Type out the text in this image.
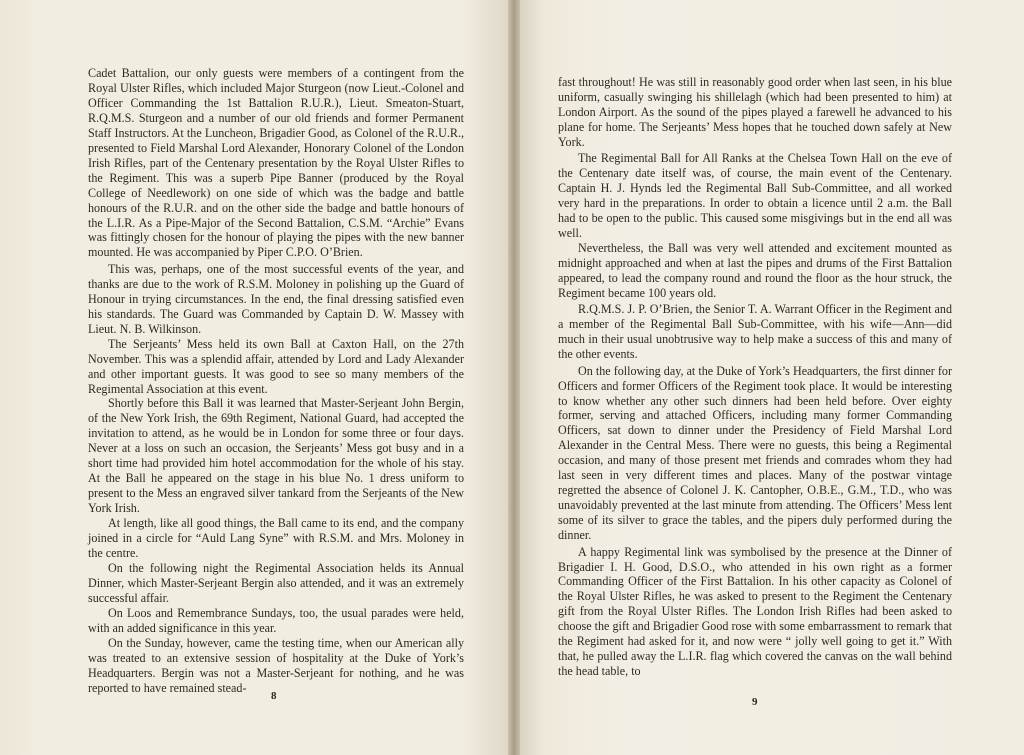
Cadet Battalion, our only guests were members of a contingent from the Royal Ulster Rifles, which included Major Sturgeon (now Lieut.-Colonel and Officer Commanding the 1st Battalion R.U.R.), Lieut. Smeaton-Stuart, R.Q.M.S. Sturgeon and a number of our old friends and former Permanent Staff Instructors. At the Luncheon, Brigadier Good, as Colonel of the R.U.R., presented to Field Marshal Lord Alexander, Honorary Colonel of the London Irish Rifles, part of the Centenary presentation by the Royal Ulster Rifles to the Regiment. This was a superb Pipe Banner (produced by the Royal College of Needlework) on one side of which was the badge and battle honours of the R.U.R. and on the other side the badge and battle honours of the L.I.R. As a Pipe-Major of the Second Battalion, C.S.M. “Archie” Evans was fittingly chosen for the honour of playing the pipes with the new banner mounted. He was accompanied by Piper C.P.O. O’Brien.

This was, perhaps, one of the most successful events of the year, and thanks are due to the work of R.S.M. Moloney in polishing up the Guard of Honour in trying circumstances. In the end, the final dressing satisfied even his standards. The Guard was Commanded by Captain D. W. Massey with Lieut. N. B. Wilkinson.

The Serjeants’ Mess held its own Ball at Caxton Hall, on the 27th November. This was a splendid affair, attended by Lord and Lady Alexander and other important guests. It was good to see so many members of the Regimental Association at this event.

Shortly before this Ball it was learned that Master-Serjeant John Bergin, of the New York Irish, the 69th Regiment, National Guard, had accepted the invitation to attend, as he would be in London for some three or four days. Never at a loss on such an occasion, the Serjeants’ Mess got busy and in a short time had provided him hotel accommodation for the whole of his stay. At the Ball he appeared on the stage in his blue No. 1 dress uniform to present to the Mess an engraved silver tankard from the Serjeants of the New York Irish.

At length, like all good things, the Ball came to its end, and the company joined in a circle for “Auld Lang Syne” with R.S.M. and Mrs. Moloney in the centre.

On the following night the Regimental Association helds its Annual Dinner, which Master-Serjeant Bergin also attended, and it was an extremely successful affair.

On Loos and Remembrance Sundays, too, the usual parades were held, with an added significance in this year.

On the Sunday, however, came the testing time, when our American ally was treated to an extensive session of hospitality at the Duke of York’s Headquarters. Bergin was not a Master-Serjeant for nothing, and he was reported to have remained stead-

8

fast throughout! He was still in reasonably good order when last seen, in his blue uniform, casually swinging his shillelagh (which had been presented to him) at London Airport. As the sound of the pipes played a farewell he advanced to his plane for home. The Serjeants’ Mess hopes that he touched down safely at New York.

The Regimental Ball for All Ranks at the Chelsea Town Hall on the eve of the Centenary date itself was, of course, the main event of the Centenary. Captain H. J. Hynds led the Regimental Ball Sub-Committee, and all worked very hard in the preparations. In order to obtain a licence until 2 a.m. the Ball had to be open to the public. This caused some misgivings but in the end all was well.

Nevertheless, the Ball was very well attended and excitement mounted as midnight approached and when at last the pipes and drums of the First Battalion appeared, to lead the company round and round the floor as the hour struck, the Regiment became 100 years old.

R.Q.M.S. J. P. O’Brien, the Senior T. A. Warrant Officer in the Regiment and a member of the Regimental Ball Sub-Committee, with his wife—Ann—did much in their usual unobtrusive way to help make a success of this and many of the other events.

On the following day, at the Duke of York’s Headquarters, the first dinner for Officers and former Officers of the Regiment took place. It would be interesting to know whether any other such dinners had been held before. Over eighty former, serving and attached Officers, including many former Commanding Officers, sat down to dinner under the Presidency of Field Marshal Lord Alexander in the Central Mess. There were no guests, this being a Regimental occasion, and many of those present met friends and comrades whom they had last seen in very different times and places. Many of the postwar vintage regretted the absence of Colonel J. K. Cantopher, O.B.E., G.M., T.D., who was unavoidably prevented at the last minute from attending. The Officers’ Mess lent some of its silver to grace the tables, and the pipers duly performed during the dinner.

A happy Regimental link was symbolised by the presence at the Dinner of Brigadier I. H. Good, D.S.O., who attended in his own right as a former Commanding Officer of the First Battalion. In his other capacity as Colonel of the Royal Ulster Rifles, he was asked to present to the Regiment the Centenary gift from the Royal Ulster Rifles. The London Irish Rifles had been asked to choose the gift and Brigadier Good rose with some embarrassment to remark that the Regiment had asked for it, and now were “ jolly well going to get it.” With that, he pulled away the L.I.R. flag which covered the canvas on the wall behind the head table, to

9
